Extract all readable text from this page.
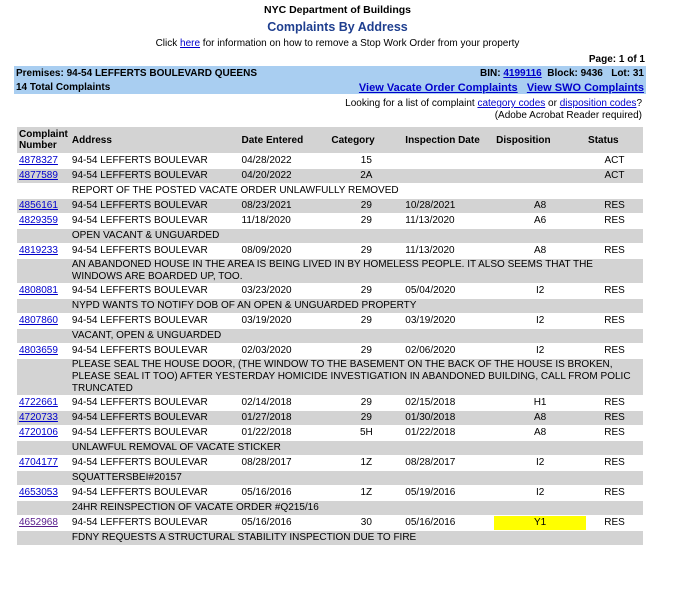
NYC Department of Buildings
Complaints By Address
Click here for information on how to remove a Stop Work Order from your property
Page: 1 of 1
Premises: 94-54 LEFFERTS BOULEVARD QUEENS	BIN: 4199116 Block: 9436 Lot: 31
14 Total Complaints	View Vacate Order Complaints View SWO Complaints
Looking for a list of complaint category codes or disposition codes?
(Adobe Acrobat Reader required)
Complaint Number	Address	Date Entered	Category	Inspection Date	Disposition	Status
4878327	94-54 LEFFERTS BOULEVAR	04/28/2022	15			ACT
4877589	94-54 LEFFERTS BOULEVAR	04/20/2022	2A			ACT
	REPORT OF THE POSTED VACATE ORDER UNLAWFULLY REMOVED					
4856161	94-54 LEFFERTS BOULEVAR	08/23/2021	29	10/28/2021	A8	RES
4829359	94-54 LEFFERTS BOULEVAR	11/18/2020	29	11/13/2020	A6	RES
	OPEN VACANT & UNGUARDED					
4819233	94-54 LEFFERTS BOULEVAR	08/09/2020	29	11/13/2020	A8	RES
	AN ABANDONED HOUSE IN THE AREA IS BEING LIVED IN BY HOMELESS PEOPLE. IT ALSO SEEMS THAT THE WINDOWS ARE BOARDED UP, TOO.					
4808081	94-54 LEFFERTS BOULEVAR	03/23/2020	29	05/04/2020	I2	RES
	NYPD WANTS TO NOTIFY DOB OF AN OPEN & UNGUARDED PROPERTY					
4807860	94-54 LEFFERTS BOULEVAR	03/19/2020	29	03/19/2020	I2	RES
	VACANT, OPEN & UNGUARDED					
4803659	94-54 LEFFERTS BOULEVAR	02/03/2020	29	02/06/2020	I2	RES
	PLEASE SEAL THE HOUSE DOOR, (THE WINDOW TO THE BASEMENT ON THE BACK OF THE HOUSE IS BROKEN, PLEASE SEAL IT TOO) AFTER YESTERDAY HOMICIDE INVESTIGATION IN ABANDONED BUILDING, CALL FROM POLIC TRUNCATED					
4722661	94-54 LEFFERTS BOULEVAR	02/14/2018	29	02/15/2018	H1	RES
4720733	94-54 LEFFERTS BOULEVAR	01/27/2018	29	01/30/2018	A8	RES
4720106	94-54 LEFFERTS BOULEVAR	01/22/2018	5H	01/22/2018	A8	RES
	UNLAWFUL REMOVAL OF VACATE STICKER					
4704177	94-54 LEFFERTS BOULEVAR	08/28/2017	1Z	08/28/2017	I2	RES
	SQUATTERSBEI#20157					
4653053	94-54 LEFFERTS BOULEVAR	05/16/2016	1Z	05/19/2016	I2	RES
	24HR REINSPECTION OF VACATE ORDER #Q215/16					
4652968	94-54 LEFFERTS BOULEVAR	05/16/2016	30	05/16/2016	Y1	RES
	FDNY REQUESTS A STRUCTURAL STABILITY INSPECTION DUE TO FIRE					
